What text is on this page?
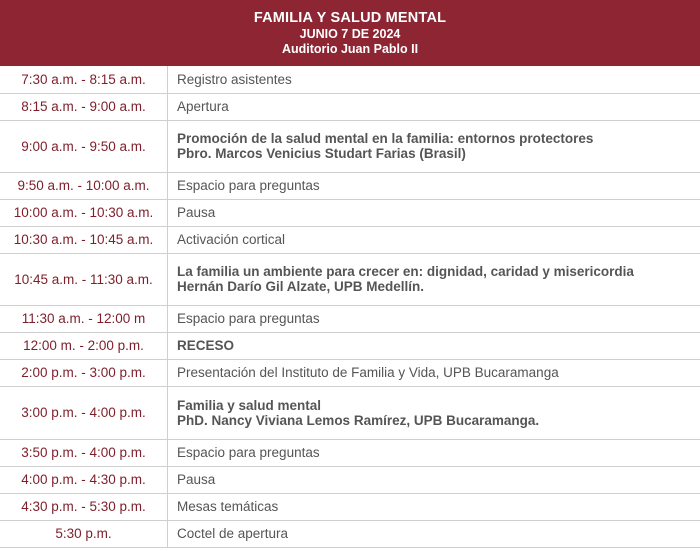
FAMILIA Y SALUD MENTAL
JUNIO 7 DE 2024
Auditorio Juan Pablo II
7:30 a.m. - 8:15 a.m.	Registro asistentes

8:15 a.m. - 9:00 a.m.	Apertura

9:00 a.m. - 9:50 a.m.	Promoción de la salud mental en la familia: entornos protectores
Pbro. Marcos Venicius Studart Farias (Brasil)

9:50 a.m. - 10:00 a.m.	Espacio para preguntas

10:00 a.m. - 10:30 a.m.	Pausa

10:30 a.m. - 10:45 a.m.	Activación cortical

10:45 a.m. - 11:30 a.m.	La familia un ambiente para crecer en: dignidad, caridad y misericordia
Hernán Darío Gil Alzate, UPB Medellín.

11:30 a.m. - 12:00 m	Espacio para preguntas

12:00 m. - 2:00 p.m.	RECESO

2:00 p.m. - 3:00 p.m.	Presentación del Instituto de Familia y Vida, UPB Bucaramanga

3:00 p.m. - 4:00 p.m.	Familia y salud mental
PhD. Nancy Viviana Lemos Ramírez, UPB Bucaramanga.

3:50 p.m. - 4:00 p.m.	Espacio para preguntas

4:00 p.m. - 4:30 p.m.	Pausa

4:30 p.m. - 5:30 p.m.	Mesas temáticas

5:30 p.m.	Coctel de apertura
